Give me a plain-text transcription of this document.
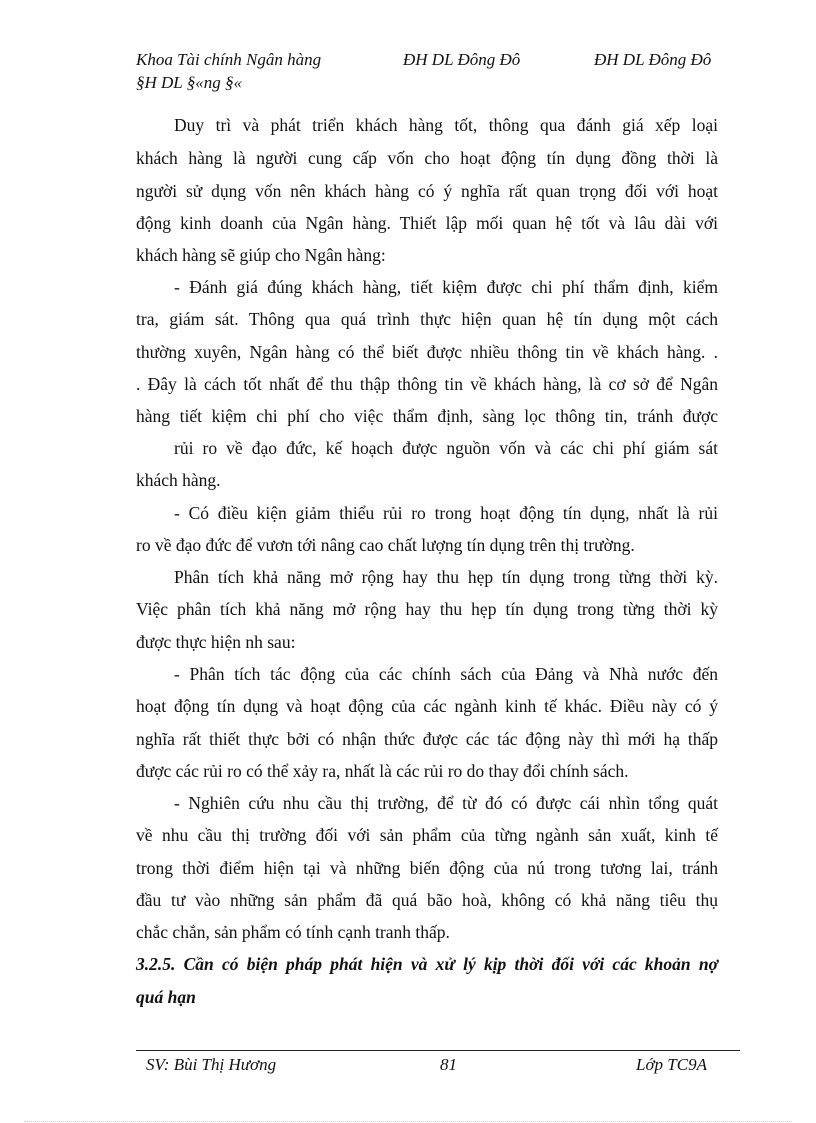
Khoa Tài chính Ngân hàng	ĐH DL Đông Đô	ĐH DL Đông Đô
§H DL §«ng §«
Duy trì và phát triển khách hàng tốt, thông qua đánh giá xếp loại
khách hàng là người cung cấp vốn cho hoạt động tín dụng đồng thời là
người sử dụng vốn nên khách hàng có ý nghĩa rất quan trọng đối với hoạt
động kinh doanh của Ngân hàng. Thiết lập mối quan hệ tốt và lâu dài với
khách hàng sẽ giúp cho Ngân hàng:
- Đánh giá đúng khách hàng, tiết kiệm được chi phí thẩm định, kiểm
tra, giám sát. Thông qua quá trình thực hiện quan hệ tín dụng một cách
thường xuyên, Ngân hàng có thể biết được nhiều thông tin về khách hàng. .
. Đây là cách tốt nhất để thu thập thông tin về khách hàng, là cơ sở để Ngân
hàng tiết kiệm chi phí cho việc thẩm định, sàng lọc thông tin, tránh được
rủi ro về đạo đức, kế hoạch được nguồn vốn và các chi phí giám sát
khách hàng.
- Có điều kiện giảm thiểu rủi ro trong hoạt động tín dụng, nhất là rủi
ro về đạo đức để vươn tới nâng cao chất lượng tín dụng trên thị trường.
Phân tích khả năng mở rộng hay thu hẹp tín dụng trong từng thời kỳ.
Việc phân tích khả năng mở rộng hay thu hẹp tín dụng trong từng thời kỳ
được thực hiện nh sau:
- Phân tích tác động của các chính sách của Đảng và Nhà nước đến
hoạt động tín dụng và hoạt động của các ngành kinh tế khác. Điều này có ý
nghĩa rất thiết thực bởi có nhận thức được các tác động này thì mới hạ thấp
được các rủi ro có thể xảy ra, nhất là các rủi ro do thay đổi chính sách.
- Nghiên cứu nhu cầu thị trường, để từ đó có được cái nhìn tổng quát
về nhu cầu thị trường đối với sản phẩm của từng ngành sản xuất, kinh tế
trong thời điểm hiện tại và những biến động của nú trong tương lai, tránh
đầu tư vào những sản phẩm đã quá bão hoà, không có khả năng tiêu thụ
chắc chắn, sản phẩm có tính cạnh tranh thấp.
3.2.5. Cần có biện pháp phát hiện và xử lý kịp thời đối với các khoản nợ
quá hạn
SV: Bùi Thị Hương	81	Lớp TC9A
